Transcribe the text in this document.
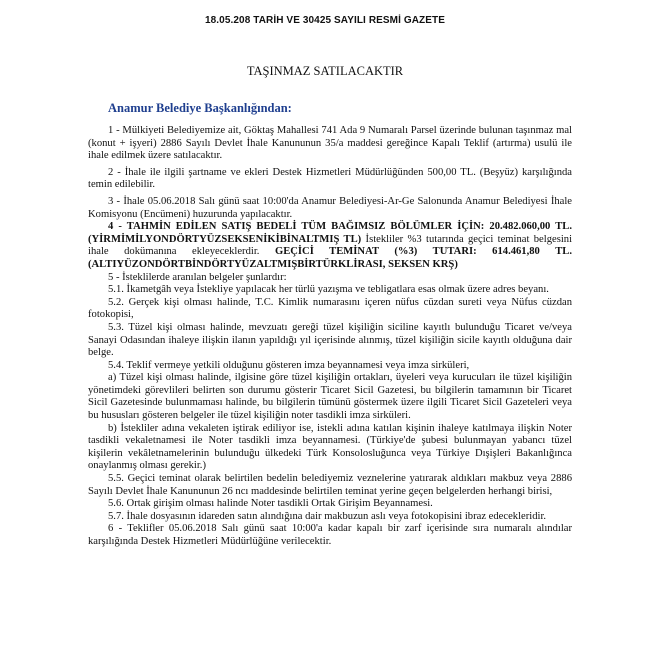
18.05.208 TARİH VE 30425 SAYILI RESMİ GAZETE
TAŞINMAZ SATILACAKTIR
Anamur Belediye Başkanlığından:

1 - Mülkiyeti Belediyemize ait, Göktaş Mahallesi 741 Ada 9 Numaralı Parsel üzerinde bulunan taşınmaz mal (konut + işyeri) 2886 Sayılı Devlet İhale Kanununun 35/a maddesi gereğince Kapalı Teklif (artırma) usulü ile ihale edilmek üzere satılacaktır.

2 - İhale ile ilgili şartname ve ekleri Destek Hizmetleri Müdürlüğünden 500,00 TL. (Beşyüz) karşılığında temin edilebilir.

3 - İhale 05.06.2018 Salı günü saat 10:00'da Anamur Belediyesi-Ar-Ge Salonunda Anamur Belediyesi İhale Komisyonu (Encümeni) huzurunda yapılacaktır.

4 - TAHMİN EDİLEN SATIŞ BEDELİ TÜM BAĞIMSIZ BÖLÜMLER İÇİN: 20.482.060,00 TL. (YİRMİMİLYONDÖRTYÜZSEKSENİKİBİNALTMIŞ TL) İstekliler %3 tutarında geçici teminat belgesini ihale dokümanına ekleyeceklerdir. GEÇİCİ TEMİNAT (%3) TUTARI: 614.461,80 TL. (ALTIYÜZONDÖRTBİNDÖRTYÜZALTMIŞBİRTÜRKLİRASI, SEKSEN KRŞ)

5 - İsteklilerde aranılan belgeler şunlardır:

5.1. İkametgâh veya İstekliye yapılacak her türlü yazışma ve tebligatlara esas olmak üzere adres beyanı.

5.2. Gerçek kişi olması halinde, T.C. Kimlik numarasını içeren nüfus cüzdan sureti veya Nüfus cüzdan fotokopisi,

5.3. Tüzel kişi olması halinde, mevzuatı gereği tüzel kişiliğin siciline kayıtlı bulunduğu Ticaret ve/veya Sanayi Odasından ihaleye ilişkin ilanın yapıldığı yıl içerisinde alınmış, tüzel kişiliğin sicile kayıtlı olduğuna dair belge.

5.4. Teklif vermeye yetkili olduğunu gösteren imza beyannamesi veya imza sirküleri,

a) Tüzel kişi olması halinde, ilgisine göre tüzel kişiliğin ortakları, üyeleri veya kurucuları ile tüzel kişiliğin yönetimdeki görevlileri belirten son durumu gösterir Ticaret Sicil Gazetesi, bu bilgilerin tamamının bir Ticaret Sicil Gazetesinde bulunmaması halinde, bu bilgilerin tümünü göstermek üzere ilgili Ticaret Sicil Gazeteleri veya bu hususları gösteren belgeler ile tüzel kişiliğin noter tasdikli imza sirküleri.

b) İstekliler adına vekaleten iştirak ediliyor ise, istekli adına katılan kişinin ihaleye katılmaya ilişkin Noter tasdikli vekaletnamesi ile Noter tasdikli imza beyannamesi. (Türkiye'de şubesi bulunmayan yabancı tüzel kişilerin vekâletnamelerinin bulunduğu ülkedeki Türk Konsolosluğunca veya Türkiye Dışişleri Bakanlığınca onaylanmış olması gerekir.)

5.5. Geçici teminat olarak belirtilen bedelin belediyemiz veznelerine yatırarak aldıkları makbuz veya 2886 Sayılı Devlet İhale Kanununun 26 ncı maddesinde belirtilen teminat yerine geçen belgelerden herhangi birisi,

5.6. Ortak girişim olması halinde Noter tasdikli Ortak Girişim Beyannamesi.

5.7. İhale dosyasının idareden satın alındığına dair makbuzun aslı veya fotokopisini ibraz edecekleridir.

6 - Teklifler 05.06.2018 Salı günü saat 10:00'a kadar kapalı bir zarf içerisinde sıra numaralı alındılar karşılığında Destek Hizmetleri Müdürlüğüne verilecektir.
